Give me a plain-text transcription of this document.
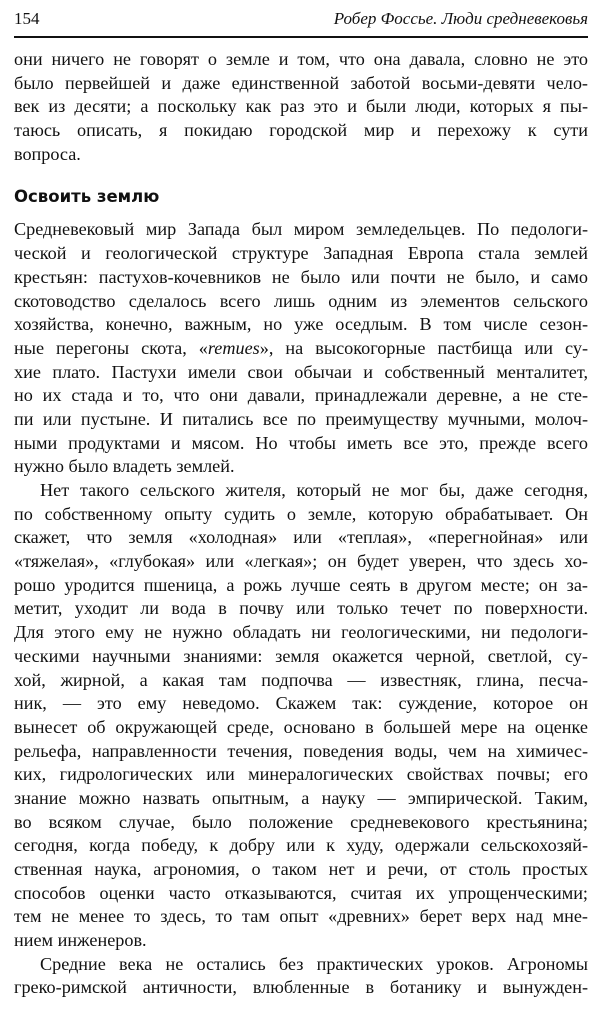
154	Робер Фоссье. Люди средневековья
они ничего не говорят о земле и том, что она давала, словно не это
было первейшей и даже единственной заботой восьми-девяти чело-
век из десяти; а поскольку как раз это и были люди, которых я пы-
таюсь описать, я покидаю городской мир и перехожу к сути
вопроса.
Освоить землю
Средневековый мир Запада был миром земледельцев. По педологи-
ческой и геологической структуре Западная Европа стала землей
крестьян: пастухов-кочевников не было или почти не было, и само
скотоводство сделалось всего лишь одним из элементов сельского
хозяйства, конечно, важным, но уже оседлым. В том числе сезон-
ные перегоны скота, «remues», на высокогорные пастбища или су-
хие плато. Пастухи имели свои обычаи и собственный менталитет,
но их стада и то, что они давали, принадлежали деревне, а не сте-
пи или пустыне. И питались все по преимуществу мучными, молоч-
ными продуктами и мясом. Но чтобы иметь все это, прежде всего
нужно было владеть землей.
Нет такого сельского жителя, который не мог бы, даже сегодня,
по собственному опыту судить о земле, которую обрабатывает. Он
скажет, что земля «холодная» или «теплая», «перегнойная» или
«тяжелая», «глубокая» или «легкая»; он будет уверен, что здесь хо-
рошо уродится пшеница, а рожь лучше сеять в другом месте; он за-
метит, уходит ли вода в почву или только течет по поверхности.
Для этого ему не нужно обладать ни геологическими, ни педологи-
ческими научными знаниями: земля окажется черной, светлой, су-
хой, жирной, а какая там подпочва — известняк, глина, песча-
ник, — это ему неведомо. Скажем так: суждение, которое он
вынесет об окружающей среде, основано в большей мере на оценке
рельефа, направленности течения, поведения воды, чем на химичес-
ких, гидрологических или минералогических свойствах почвы; его
знание можно назвать опытным, а науку — эмпирической. Таким,
во всяком случае, было положение средневекового крестьянина;
сегодня, когда победу, к добру или к худу, одержали сельскохозяй-
ственная наука, агрономия, о таком нет и речи, от столь простых
способов оценки часто отказываются, считая их упрощенческими;
тем не менее то здесь, то там опыт «древних» берет верх над мне-
нием инженеров.
Средние века не остались без практических уроков. Агрономы
греко-римской античности, влюбленные в ботанику и вынужден-
